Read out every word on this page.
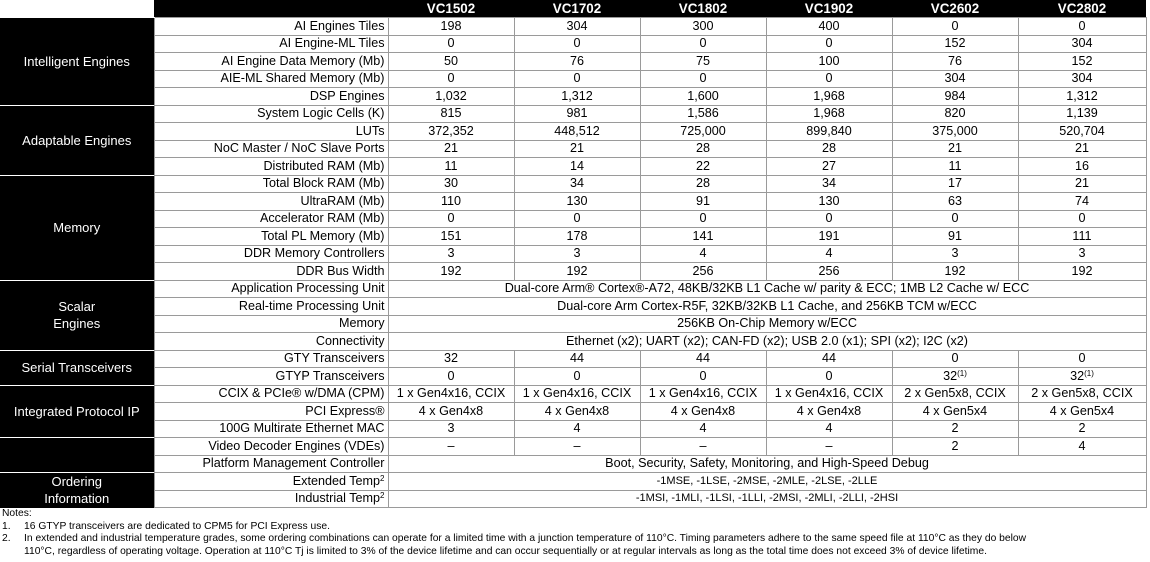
		VC1502	VC1702	VC1802	VC1902	VC2602	VC2802
Intelligent Engines	AI Engines Tiles	198	304	300	400	0	0
	AI Engine-ML Tiles	0	0	0	0	152	304
	AI Engine Data Memory (Mb)	50	76	75	100	76	152
	AIE-ML Shared Memory (Mb)	0	0	0	0	304	304
	DSP Engines	1,032	1,312	1,600	1,968	984	1,312
Adaptable Engines	System Logic Cells (K)	815	981	1,586	1,968	820	1,139
	LUTs	372,352	448,512	725,000	899,840	375,000	520,704
	NoC Master / NoC Slave Ports	21	21	28	28	21	21
	Distributed RAM (Mb)	11	14	22	27	11	16
Memory	Total Block RAM (Mb)	30	34	28	34	17	21
	UltraRAM (Mb)	110	130	91	130	63	74
	Accelerator RAM (Mb)	0	0	0	0	0	0
	Total PL Memory (Mb)	151	178	141	191	91	111
	DDR Memory Controllers	3	3	4	4	3	3
	DDR Bus Width	192	192	256	256	192	192
Scalar
Engines	Application Processing Unit	Dual-core Arm® Cortex®-A72, 48KB/32KB L1 Cache w/ parity & ECC; 1MB L2 Cache w/ ECC					
	Real-time Processing Unit	Dual-core Arm Cortex-R5F, 32KB/32KB L1 Cache, and 256KB TCM w/ECC					
	Memory	256KB On-Chip Memory w/ECC					
	Connectivity	Ethernet (x2); UART (x2); CAN-FD (x2); USB 2.0 (x1); SPI (x2); I2C (x2)					
Serial Transceivers	GTY Transceivers	32	44	44	44	0	0
	GTYP Transceivers	0	0	0	0	32$^{(1)}$	32$^{(1)}$
Integrated Protocol IP	CCIX & PCIe® w/DMA (CPM)	1 x Gen4x16, CCIX	1 x Gen4x16, CCIX	1 x Gen4x16, CCIX	1 x Gen4x16, CCIX	2 x Gen5x8, CCIX	2 x Gen5x8, CCIX
	PCI Express®	4 x Gen4x8	4 x Gen4x8	4 x Gen4x8	4 x Gen4x8	4 x Gen5x4	4 x Gen5x4
	100G Multirate Ethernet MAC	3	4	4	4	2	2
	Video Decoder Engines (VDEs)	–	–	–	–	2	4
	Platform Management Controller	Boot, Security, Safety, Monitoring, and High-Speed Debug					
Ordering
Information	Extended Temp$^2$	-1MSE, -1LSE, -2MSE, -2MLE, -2LSE, -2LLE					
	Industrial Temp$^2$	-1MSI, -1MLI, -1LSI, -1LLI, -2MSI, -2MLI, -2LLI, -2HSI					
Notes:
1.	16 GTYP transceivers are dedicated to CPM5 for PCI Express use.
2.	In extended and industrial temperature grades, some ordering combinations can operate for a limited time with a junction temperature of 110°C. Timing parameters adhere to the same speed file at 110°C as they do below
110°C, regardless of operating voltage. Operation at 110°C Tj is limited to 3% of the device lifetime and can occur sequentially or at regular intervals as long as the total time does not exceed 3% of device lifetime.
